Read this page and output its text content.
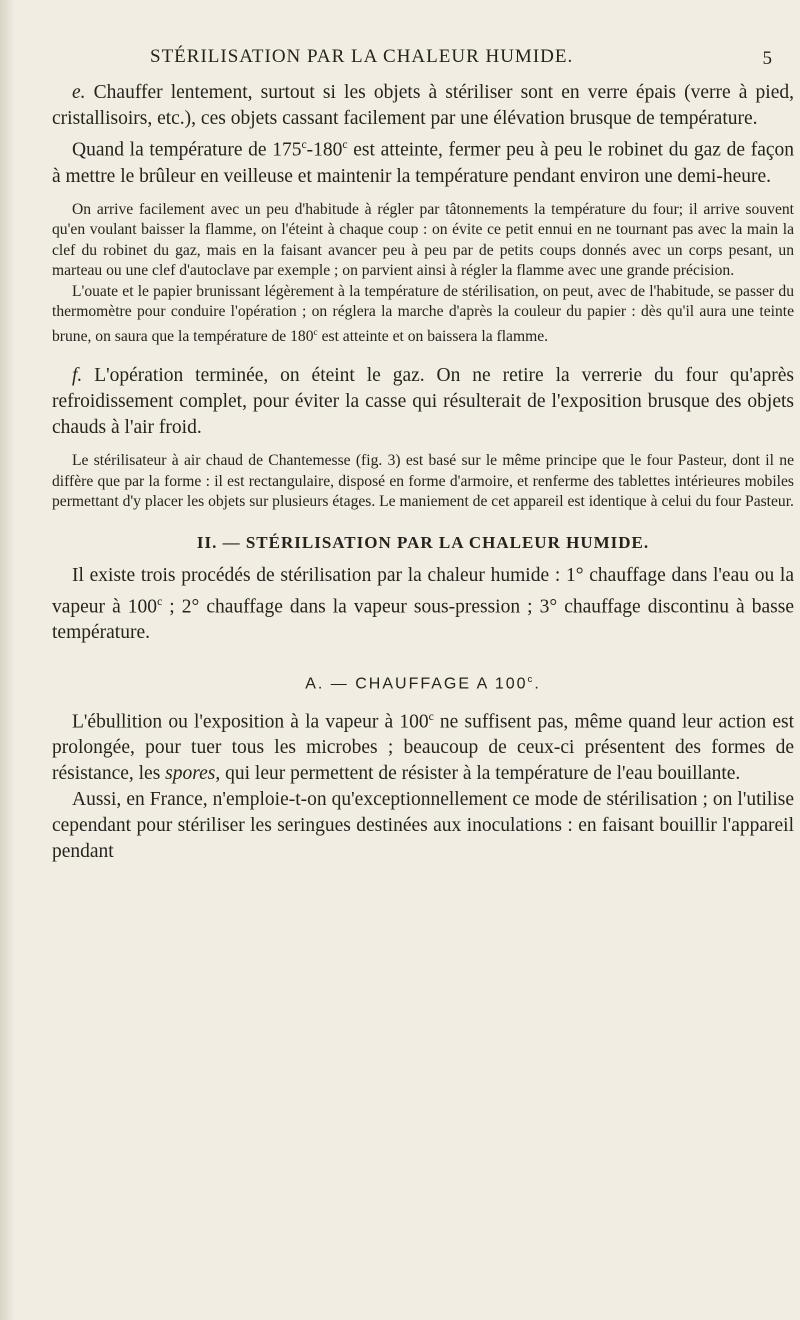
STÉRILISATION PAR LA CHALEUR HUMIDE.	5

e. Chauffer lentement, surtout si les objets à stériliser sont en verre épais (verre à pied, cristallisoirs, etc.), ces objets cassant facilement par une élévation brusque de température.

Quand la température de 175$^c$-180$^c$ est atteinte, fermer peu à peu le robinet du gaz de façon à mettre le brûleur en veilleuse et maintenir la température pendant environ une demi-heure.

On arrive facilement avec un peu d'habitude à régler par tâtonnements la température du four; il arrive souvent qu'en voulant baisser la flamme, on l'éteint à chaque coup : on évite ce petit ennui en ne tournant pas avec la main la clef du robinet du gaz, mais en la faisant avancer peu à peu par de petits coups donnés avec un corps pesant, un marteau ou une clef d'autoclave par exemple ; on parvient ainsi à régler la flamme avec une grande précision.

L'ouate et le papier brunissant légèrement à la température de stérilisation, on peut, avec de l'habitude, se passer du thermomètre pour conduire l'opération ; on réglera la marche d'après la couleur du papier : dès qu'il aura une teinte brune, on saura que la température de 180$^c$ est atteinte et on baissera la flamme.

f. L'opération terminée, on éteint le gaz. On ne retire la verrerie du four qu'après refroidissement complet, pour éviter la casse qui résulterait de l'exposition brusque des objets chauds à l'air froid.

Le stérilisateur à air chaud de Chantemesse (fig. 3) est basé sur le même principe que le four Pasteur, dont il ne diffère que par la forme : il est rectangulaire, disposé en forme d'armoire, et renferme des tablettes intérieures mobiles permettant d'y placer les objets sur plusieurs étages. Le maniement de cet appareil est identique à celui du four Pasteur.

II. — STÉRILISATION PAR LA CHALEUR HUMIDE.

Il existe trois procédés de stérilisation par la chaleur humide : 1° chauffage dans l'eau ou la vapeur à 100$^c$ ; 2° chauffage dans la vapeur sous-pression ; 3° chauffage discontinu à basse température.

A. — CHAUFFAGE A 100$^c$.

L'ébullition ou l'exposition à la vapeur à 100$^c$ ne suffisent pas, même quand leur action est prolongée, pour tuer tous les microbes ; beaucoup de ceux-ci présentent des formes de résistance, les spores, qui leur permettent de résister à la température de l'eau bouillante.

Aussi, en France, n'emploie-t-on qu'exceptionnellement ce mode de stérilisation ; on l'utilise cependant pour stériliser les seringues destinées aux inoculations : en faisant bouillir l'appareil pendant
